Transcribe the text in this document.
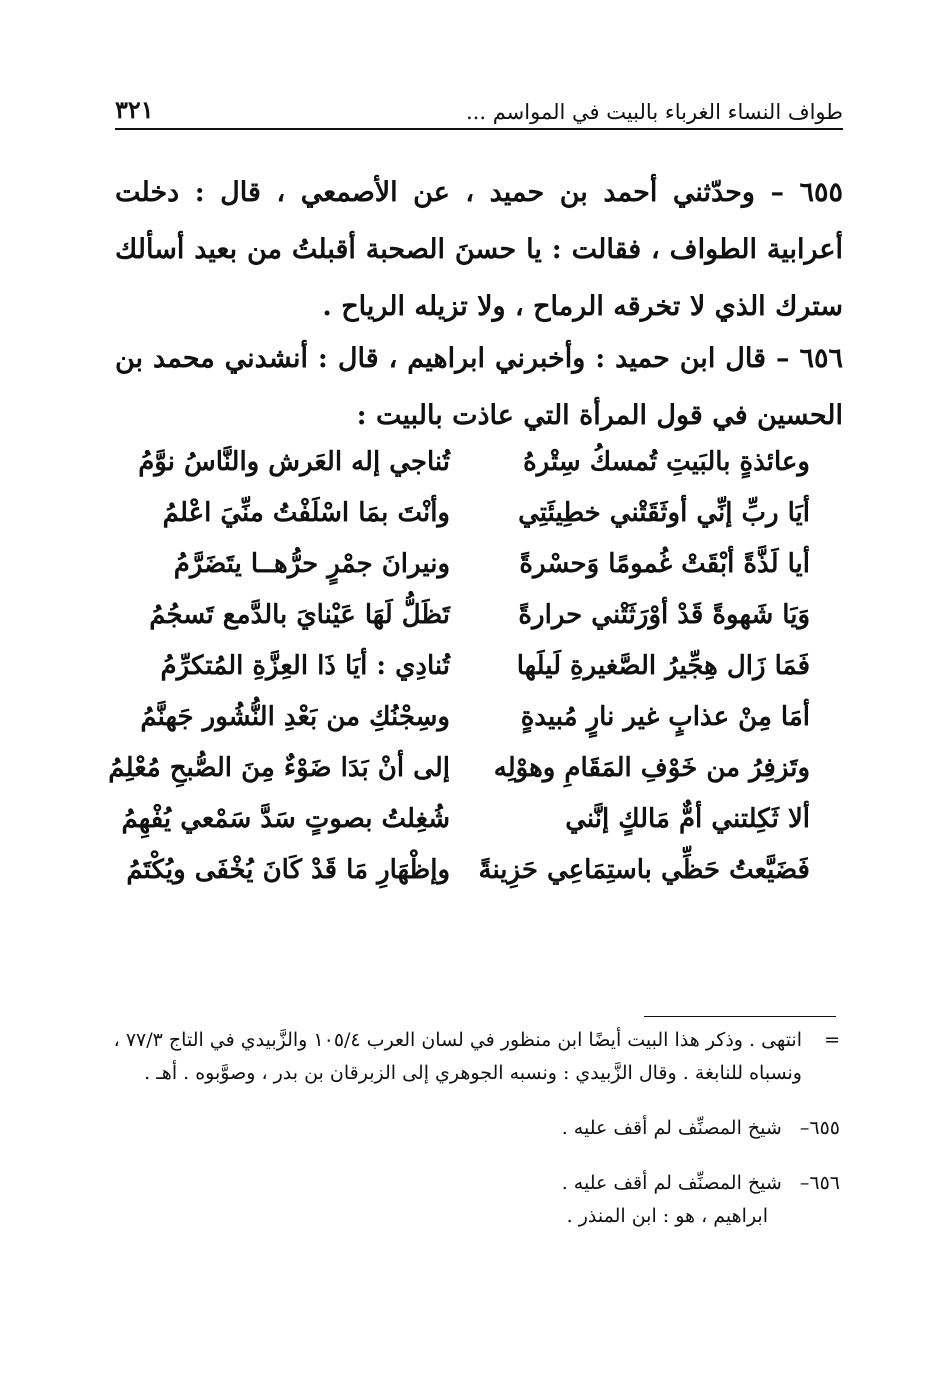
طواف النساء الغرباء بالبيت في المواسم ...
٣٢١
٦٥٥ – وحدّثني أحمد بن حميد ، عن الأصمعي ، قال : دخلت أعرابية الطواف ، فقالت : يا حسنَ الصحبة أقبلتُ من بعيد أسألك سترك الذي لا تخرقه الرماح ، ولا تزيله الرياح .
٦٥٦ – قال ابن حميد : وأخبرني ابراهيم ، قال : أنشدني محمد بن الحسين في قول المرأة التي عاذت بالبيت :
وعائذةٍ بالبَيتِ تُمسكُ سِتْرهُ
تُناجي إله العَرش والنَّاسُ نوَّمُ
أيَا ربِّ إنِّي أوثَقَتْني خطِيئَتِي
وأنْتَ بمَا اسْلَفْتُ منِّيَ اعْلمُ
أيا لَذَّةً أبْقَتْ غُمومًا وَحسْرةً
ونيرانَ جمْرٍ حرُّهــا يتَضَرَّمُ
وَيَا شَهوةً قَدْ أوْرَثَتْني حرارةً
تَظَلُّ لَهَا عَيْنايَ بالدَّمع تَسجُمُ
فَمَا زَال هِجِّيرُ الصَّغيرةِ لَيلَها
تُنادِي : أيَا ذَا العِزَّةِ المُتكرِّمُ
أمَا مِنْ عذابٍ غير نارٍ مُبيدةٍ
وسِجْنُكِ من بَعْدِ النُّشُور جَهنَّمُ
وتَزفِرُ من خَوْفِ المَقَامِ وهوْلِه
إلى أنْ بَدَا ضَوْءٌ مِنَ الصُّبحِ مُعْلِمُ
ألا ثَكِلتني أمٌّ مَالكٍ إنَّني
شُغِلتُ بصوتٍ سَدَّ سَمْعي يُفْهِمُ
فَضَيَّعتُ حَظِّي باستِمَاعِي حَزِينةً
وإظْهَارِ مَا قَدْ كَانَ يُخْفَى ويُكْتَمُ
=
انتهى . وذكر هذا البيت أيضًا ابن منظور في لسان العرب ١٠٥/٤ والزَّبيدي في التاج ٧٧/٣ ، ونسباه للنابغة . وقال الزَّبيدي : ونسبه الجوهري إلى الزبرقان بن بدر ، وصوَّبوه . أهـ .
٦٥٥– شيخ المصنِّف لم أقف عليه .
٦٥٦– شيخ المصنِّف لم أقف عليه .
ابراهيم ، هو : ابن المنذر .
